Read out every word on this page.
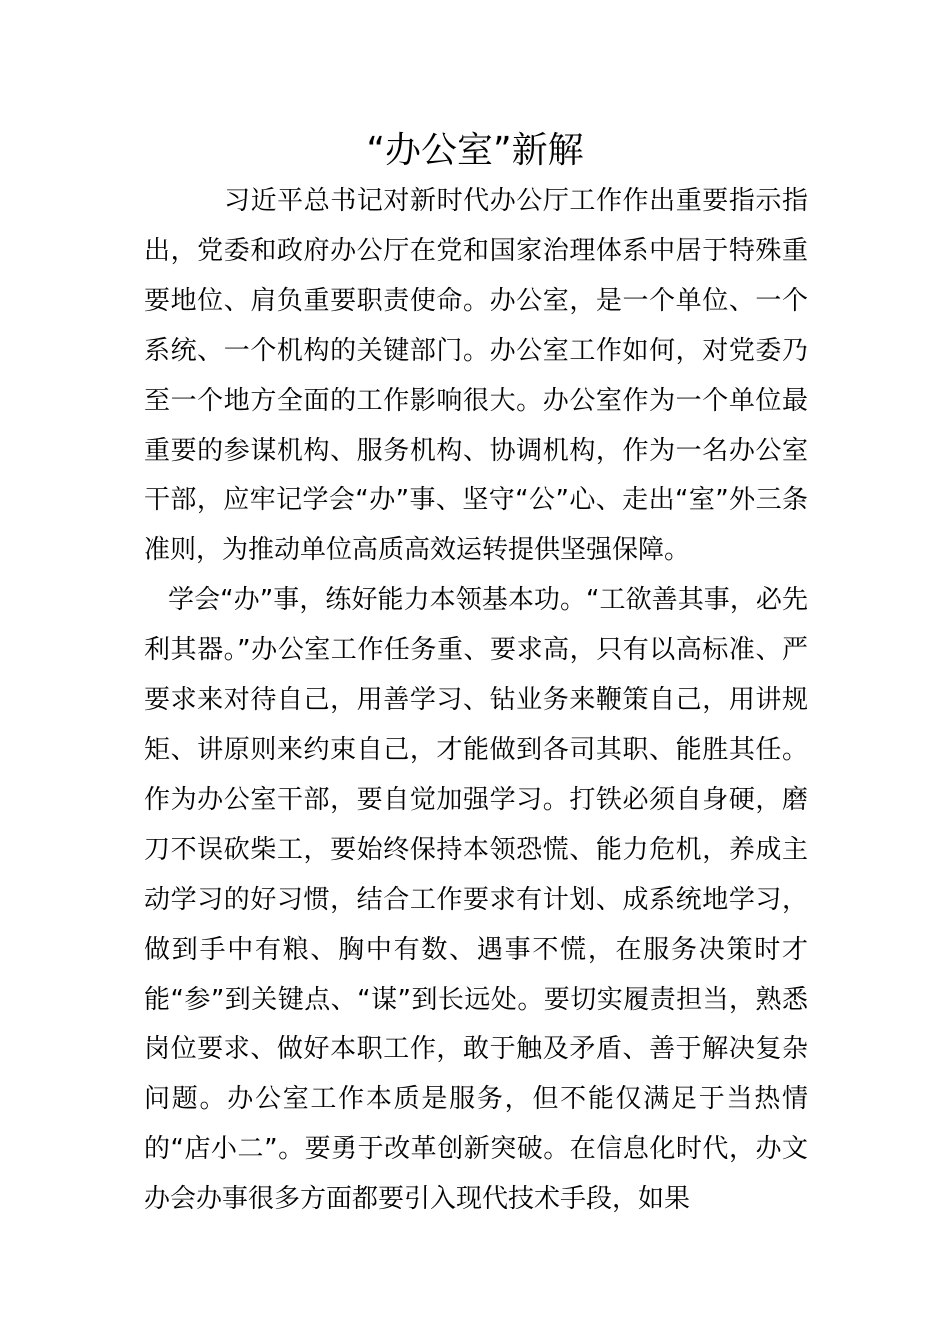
“办公室”新解

习近平总书记对新时代办公厅工作作出重要指示指出，党委和政府办公厅在党和国家治理体系中居于特殊重要地位、肩负重要职责使命。办公室，是一个单位、一个系统、一个机构的关键部门。办公室工作如何，对党委乃至一个地方全面的工作影响很大。办公室作为一个单位最重要的参谋机构、服务机构、协调机构，作为一名办公室干部，应牢记学会“办”事、坚守“公”心、走出“室”外三条准则，为推动单位高质高效运转提供坚强保障。

学会“办”事，练好能力本领基本功。“工欲善其事，必先利其器。”办公室工作任务重、要求高，只有以高标准、严要求来对待自己，用善学习、钻业务来鞭策自己，用讲规矩、讲原则来约束自己，才能做到各司其职、能胜其任。作为办公室干部，要自觉加强学习。打铁必须自身硬，磨刀不误砍柴工，要始终保持本领恐慌、能力危机，养成主动学习的好习惯，结合工作要求有计划、成系统地学习，做到手中有粮、胸中有数、遇事不慌，在服务决策时才能“参”到关键点、“谋”到长远处。要切实履责担当，熟悉岗位要求、做好本职工作，敢于触及矛盾、善于解决复杂问题。办公室工作本质是服务，但不能仅满足于当热情的“店小二”。要勇于改革创新突破。在信息化时代，办文办会办事很多方面都要引入现代技术手段，如果
